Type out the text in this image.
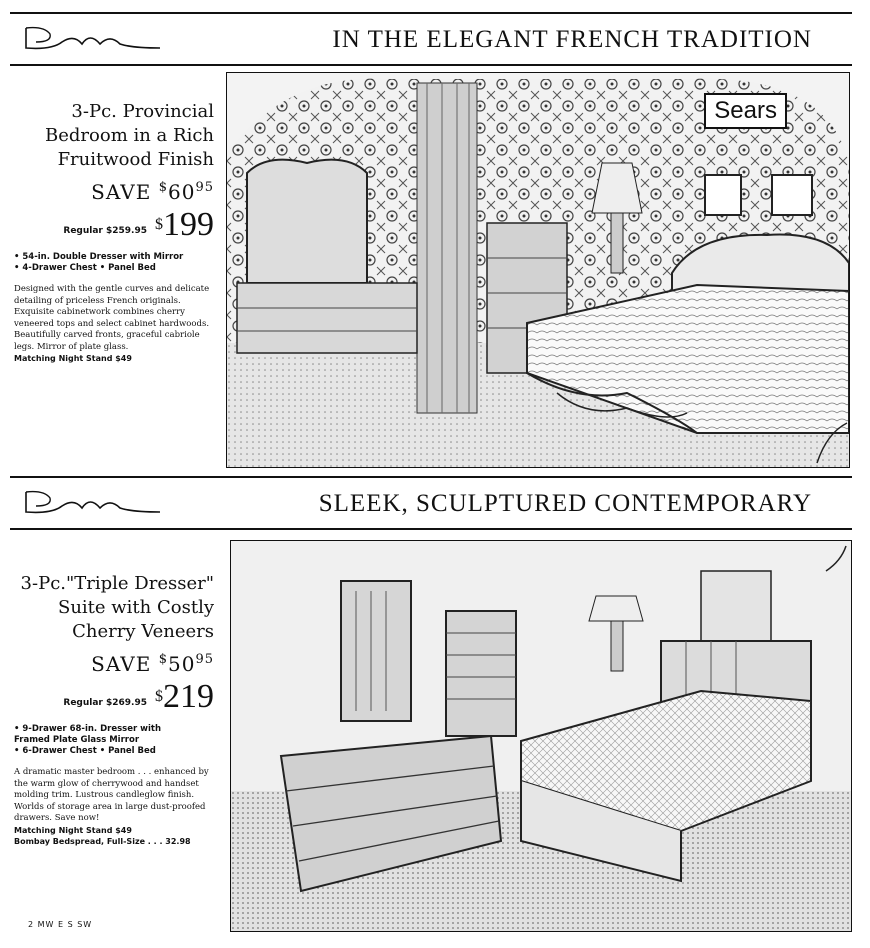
IN THE ELEGANT FRENCH TRADITION
3-Pc. Provincial
Bedroom in a Rich
Fruitwood Finish
SAVE $^{\$}60^{95}$
Regular $259.95 $199
• 54-in. Double Dresser with Mirror
• 4-Drawer Chest • Panel Bed
Designed with the gentle curves and delicate detailing of priceless French originals. Exquisite cabinetwork combines cherry veneered tops and select cabinet hardwoods. Beautifully carved fronts, graceful cabriole legs. Mirror of plate glass.
Matching Night Stand $49
Sears
SLEEK, SCULPTURED CONTEMPORARY
3-Pc."Triple Dresser"
Suite with Costly
Cherry Veneers
SAVE $^{\$}50^{95}$
Regular $269.95 $219
• 9-Drawer 68-in. Dresser with
Framed Plate Glass Mirror
• 6-Drawer Chest • Panel Bed
A dramatic master bedroom . . . enhanced by the warm glow of cherrywood and handset molding trim. Lustrous candleglow finish. Worlds of storage area in large dust-proofed drawers. Save now!
Matching Night Stand $49
Bombay Bedspread, Full-Size . . . 32.98
2 MW E S SW
